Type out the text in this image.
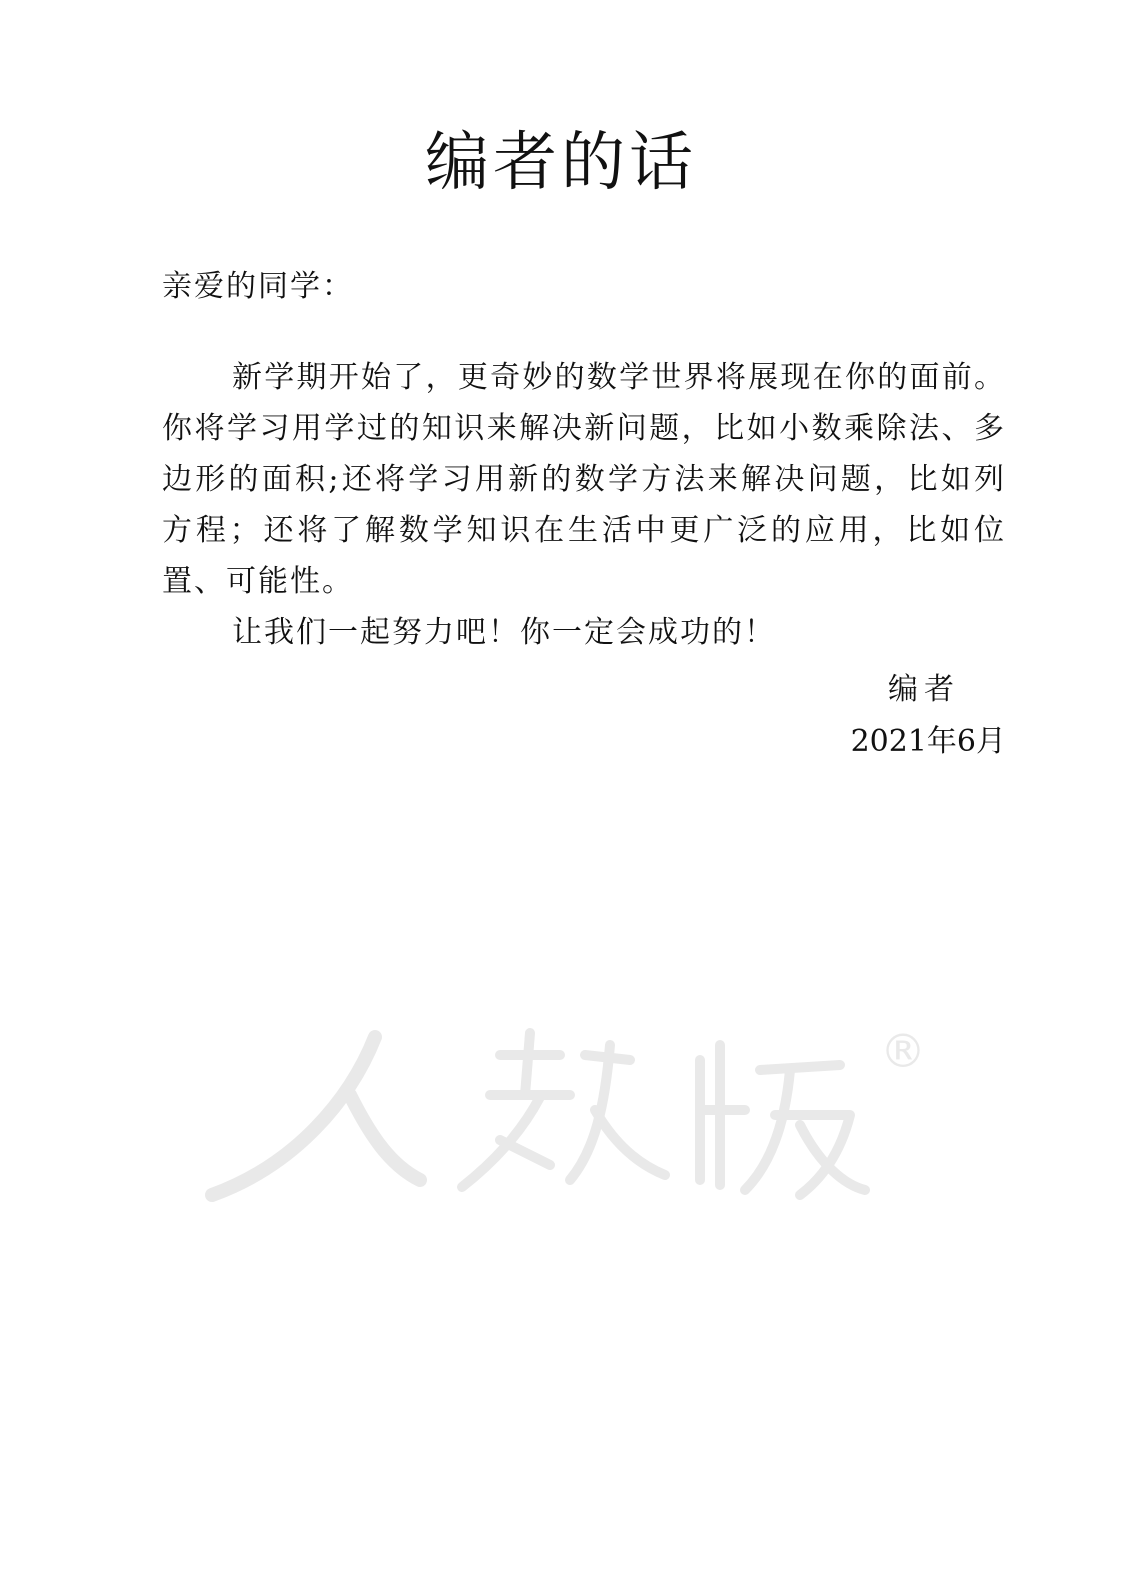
编者的话

亲爱的同学：

新学期开始了，更奇妙的数学世界将展现在你的面前。你将学习用学过的知识来解决新问题，比如小数乘除法、多边形的面积;还将学习用新的数学方法来解决问题，比如列方程；还将了解数学知识在生活中更广泛的应用，比如位置、可能性。

让我们一起努力吧！你一定会成功的！

编者
2021年6月
®
